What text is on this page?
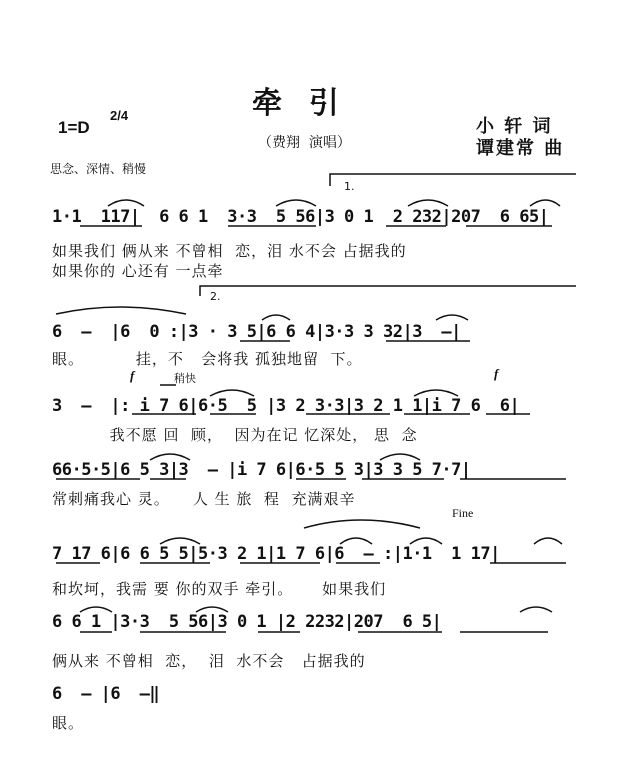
牵  引
（费翔  演唱）
1=D
2/4
小 轩 词
谭建常 曲
思念、深情、稍慢
1.
2.
f	稍快	f
Fine
1·1  117|  6 6 1  3·3  5 56|3 0 1  2 232|207  6 65|
如果我们 俩从来 不曾相  恋，泪 水不会 占据我的
如果你的 心还有 一点牵
6  —  |6  0 :|3 · 3 5|6 6 4|3·3 3 32|3  —|
眼。         挂，不   会将我 孤独地留  下。
3  —  |: i 7 6|6·5  5 |3 2 3·3|3 2 1 1|i 7 6  6|
我不愿 回  顾，  因为在记 忆深处， 思  念
66·5·5|6 5 3|3  — |i 7 6|6·5 5 3|3 3 5 7·7|
常刺痛我心 灵。    人 生 旅  程  充满艰辛
7 17 6|6 6 5 5|5·3 2 1|1 7 6|6  — :|1·1  1 17|
和坎坷，我需 要 你的双手 牵引。     如果我们
6 6 1 |3·3  5 56|3 0 1 |2 2232|207  6 5|
俩从来 不曾相  恋，  泪  水不会   占据我的
6  — |6  —‖
眼。
